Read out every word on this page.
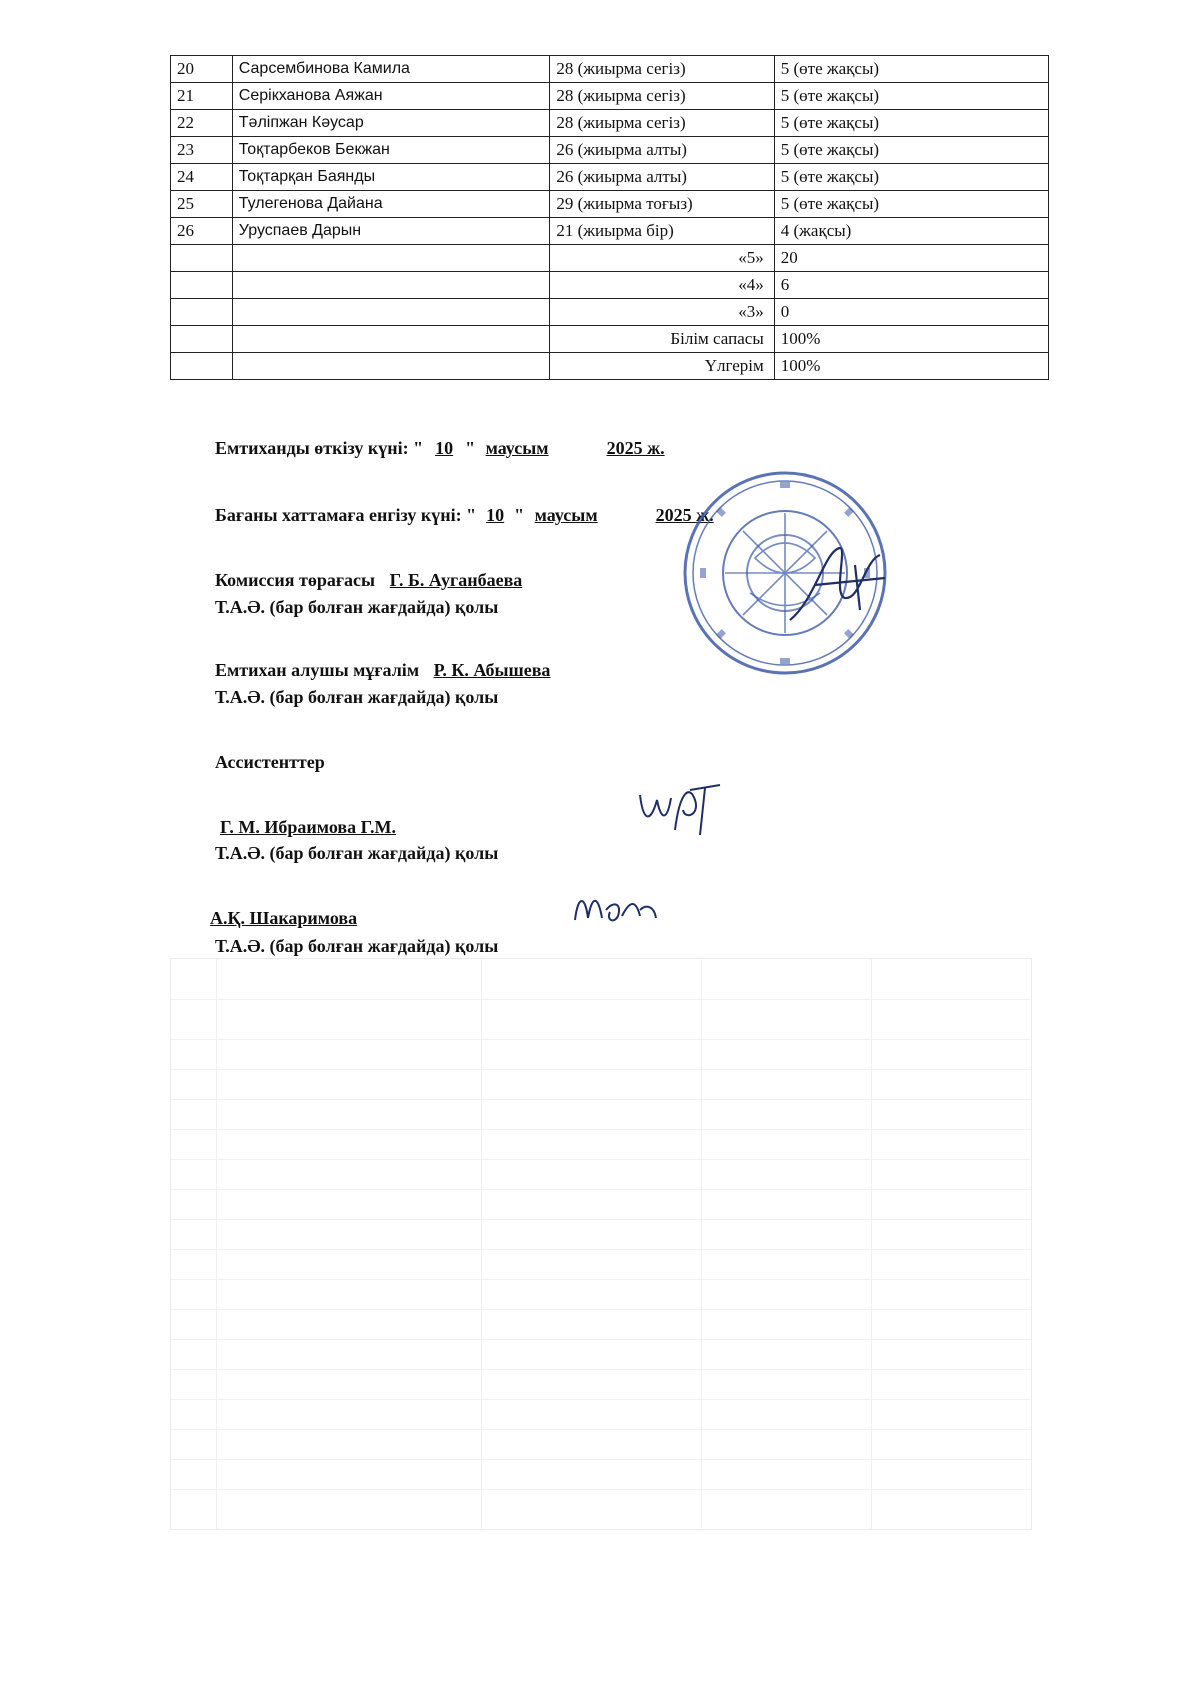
20	Сарсембинова Камила	28 (жиырма сегіз)	5 (өте жақсы)
21	Серікханова Аяжан	28 (жиырма сегіз)	5 (өте жақсы)
22	Тәліпжан Кәусар	28 (жиырма сегіз)	5 (өте жақсы)
23	Тоқтарбеков Бекжан	26 (жиырма алты)	5 (өте жақсы)
24	Тоқтарқан Баянды	26 (жиырма алты)	5 (өте жақсы)
25	Тулегенова Дайана	29 (жиырма тоғыз)	5 (өте жақсы)
26	Уруспаев Дарын	21 (жиырма бір)	4 (жақсы)
		«5»	20
		«4»	6
		«3»	0
		Білім сапасы	100%
		Үлгерім	100%
Емтиханды өткізу күні: " 10 " маусым	2025 ж.
Бағаны хаттамаға енгізу күні: " 10 " маусым	2025 ж.
Комиссия төрағасы Г. Б. Ауганбаева
Т.А.Ә. (бар болған жағдайда) қолы
Емтихан алушы мұғалім Р. К. Абышева
Т.А.Ә. (бар болған жағдайда) қолы
Ассистенттер
Г. М. Ибраимова Г.М.
Т.А.Ә. (бар болған жағдайда) қолы
А.Қ. Шакаримова
Т.А.Ә. (бар болған жағдайда) қолы
